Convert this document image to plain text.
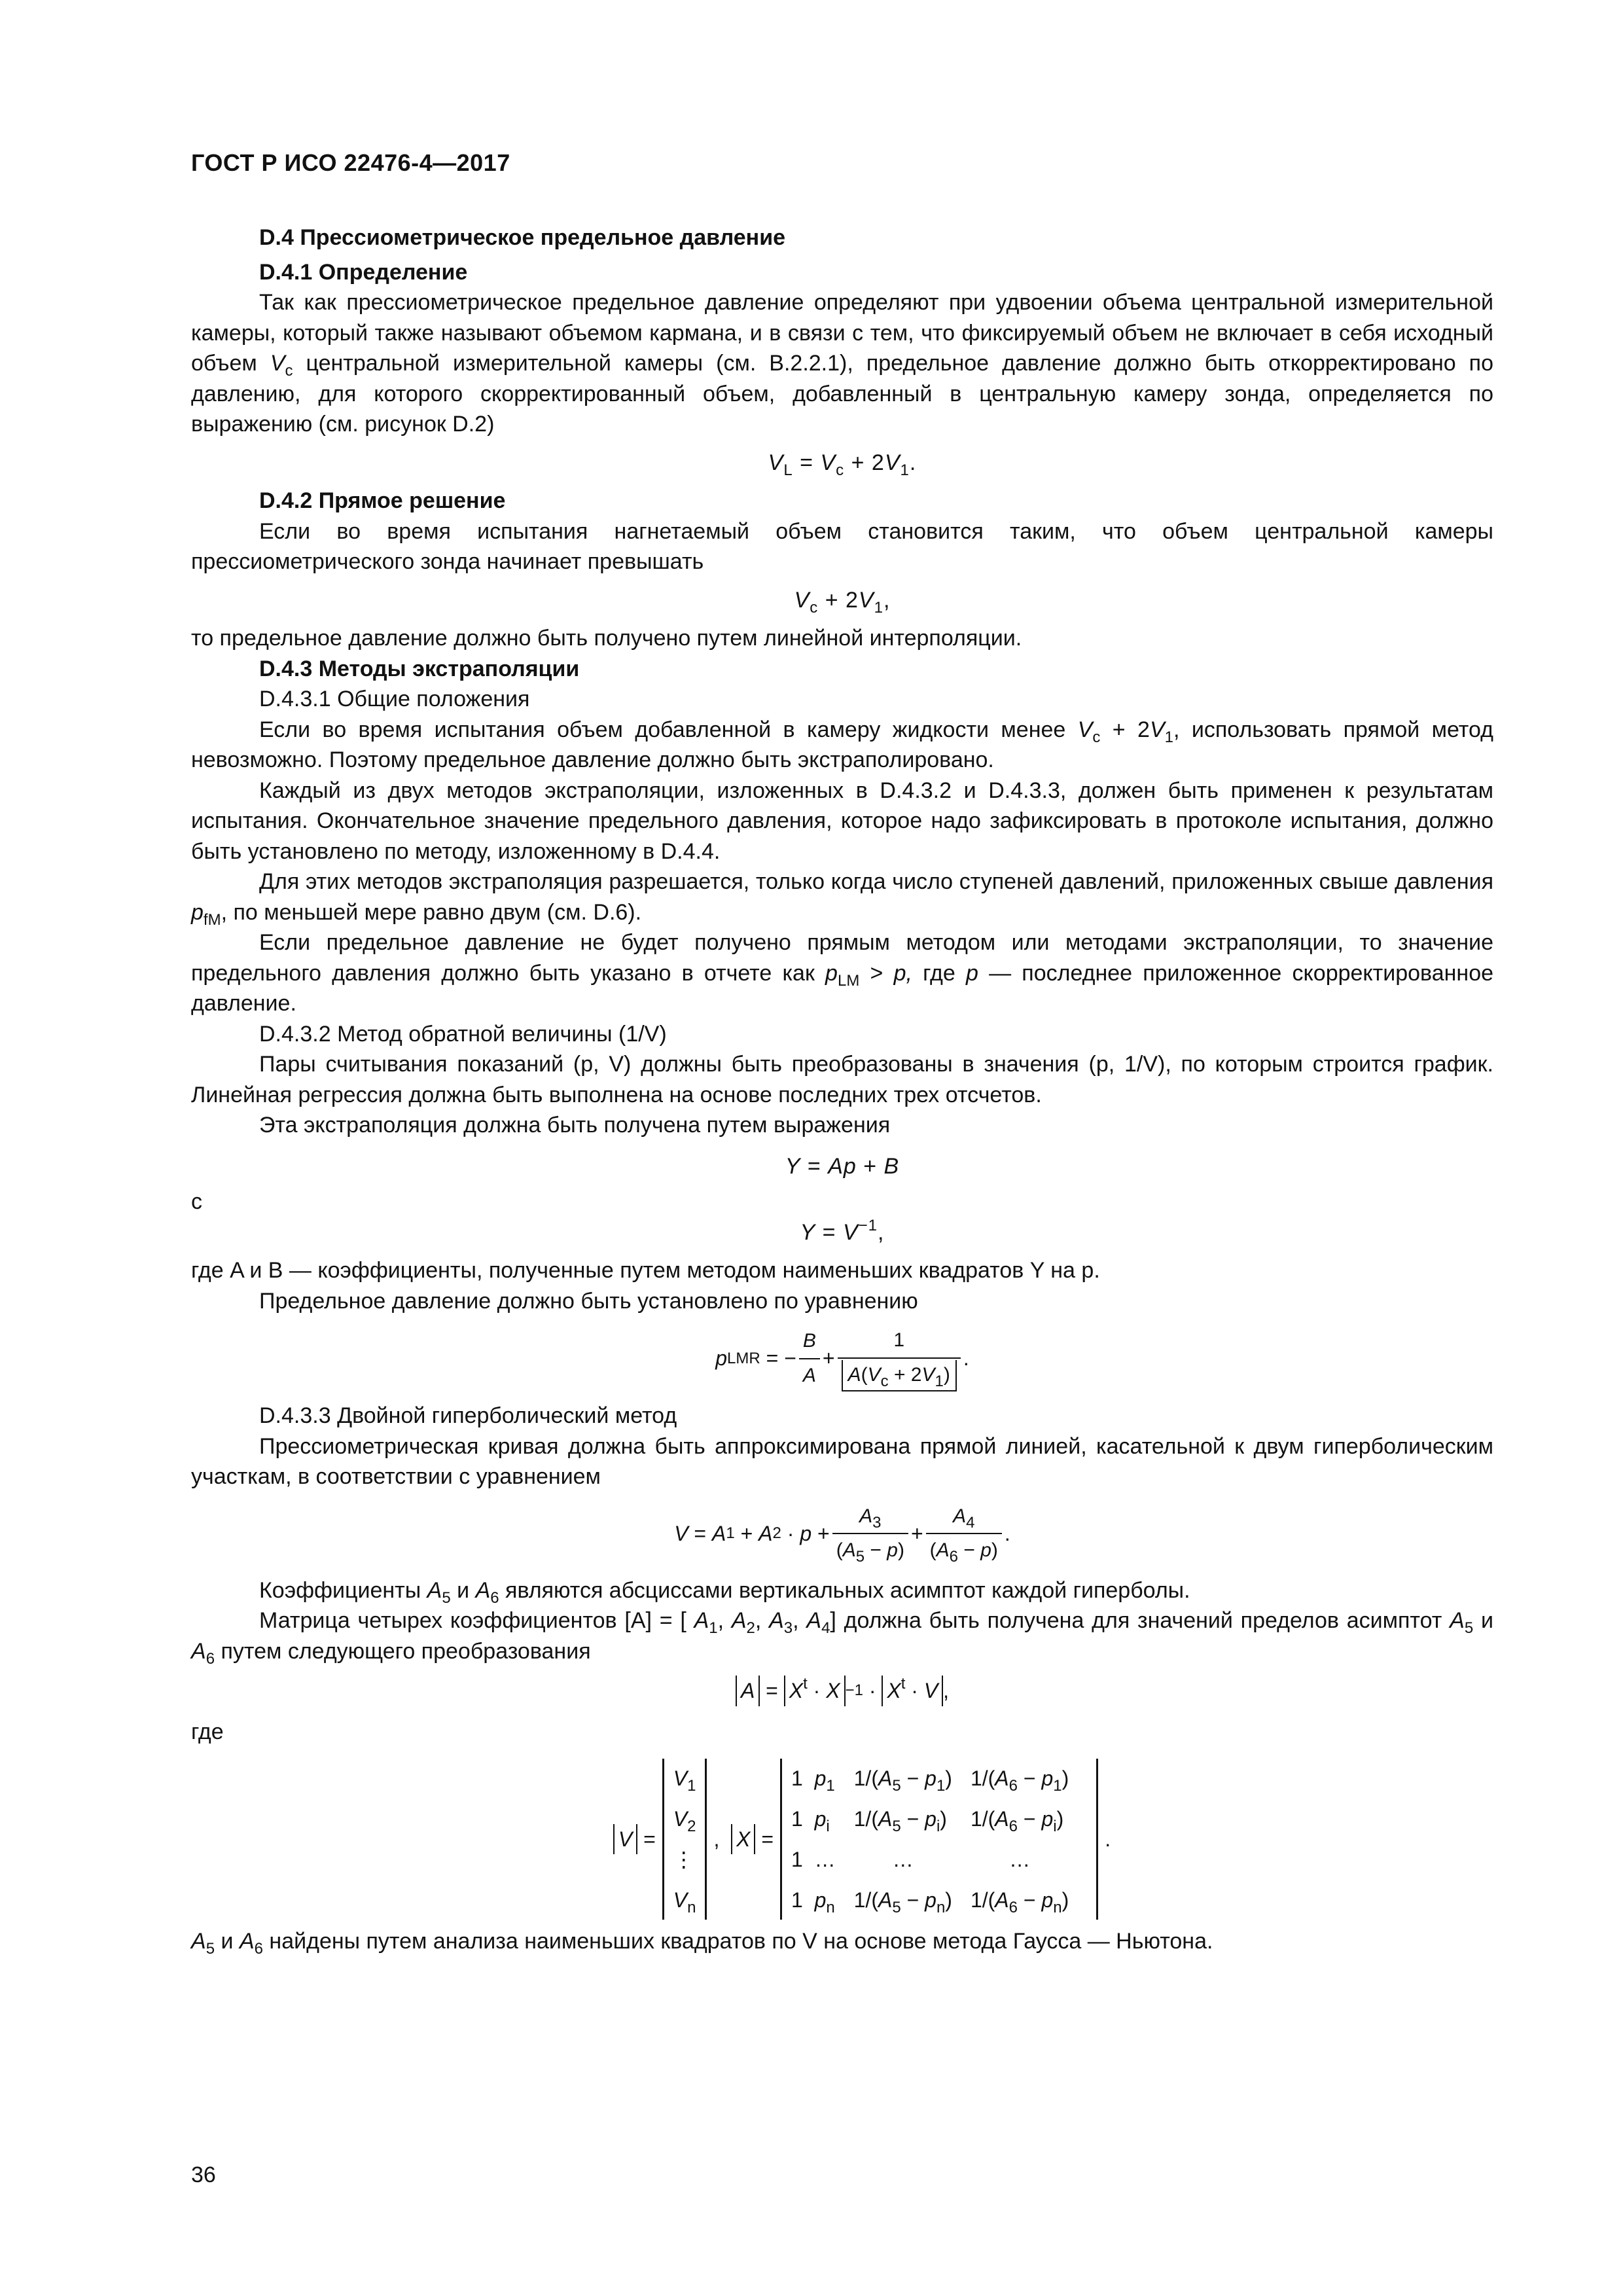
ГОСТ Р ИСО 22476-4—2017

D.4 Прессиометрическое предельное давление

D.4.1 Определение

Так как прессиометрическое предельное давление определяют при удвоении объема центральной измерительной камеры, который также называют объемом кармана, и в связи с тем, что фиксируемый объем не включает в себя исходный объем $V_c$ центральной измерительной камеры (см. B.2.2.1), предельное давление должно быть откорректировано по давлению, для которого скорректированный объем, добавленный в центральную камеру зонда, определяется по выражению (см. рисунок D.2)

$V_L = V_c + 2V_1$.

D.4.2 Прямое решение

Если во время испытания нагнетаемый объем становится таким, что объем центральной камеры прессиометрического зонда начинает превышать

$V_c + 2V_1$,

то предельное давление должно быть получено путем линейной интерполяции.

D.4.3 Методы экстраполяции

D.4.3.1 Общие положения

Если во время испытания объем добавленной в камеру жидкости менее $V_c + 2V_1$, использовать прямой метод невозможно. Поэтому предельное давление должно быть экстраполировано.

Каждый из двух методов экстраполяции, изложенных в D.4.3.2 и D.4.3.3, должен быть применен к результатам испытания. Окончательное значение предельного давления, которое надо зафиксировать в протоколе испытания, должно быть установлено по методу, изложенному в D.4.4.

Для этих методов экстраполяция разрешается, только когда число ступеней давлений, приложенных свыше давления $p_{fM}$, по меньшей мере равно двум (см. D.6).

Если предельное давление не будет получено прямым методом или методами экстраполяции, то значение предельного давления должно быть указано в отчете как $p_{LM} > p$, где p — последнее приложенное скорректированное давление.

D.4.3.2 Метод обратной величины (1/V)

Пары считывания показаний (p, V) должны быть преобразованы в значения (p, 1/V), по которым строится график. Линейная регрессия должна быть выполнена на основе последних трех отсчетов.

Эта экстраполяция должна быть получена путем выражения

Y = Ap + B

с

$Y = V^{-1}$,

где A и B — коэффициенты, полученные путем методом наименьших квадратов Y на p.

Предельное давление должно быть установлено по уравнению

p LMR = − $\frac{B}{A} + \frac{1}{A(V_c + 2V_1)}$ .

D.4.3.3 Двойной гиперболический метод

Прессиометрическая кривая должна быть аппроксимирована прямой линией, касательной к двум гиперболическим участкам, в соответствии с уравнением

V = A 1 + A $2 \cdot p + \frac{A_3}{(A_5 - p)} + \frac{A_4}{(A_6 - p)}$ .

Коэффициенты $A_5$ и $A_6$ являются абсциссами вертикальных асимптот каждой гиперболы.

Матрица четырех коэффициентов [A] = [ $A_1$, $A_2$, $A_3$, $A_4$] должна быть получена для значений пределов асимптот $A_5$ и $A_6$ путем следующего преобразования

$A = X^t \cdot X -1 \cdot X^t \cdot V$ ,

где

V =
$V_1$
$V_2$
⋮
$V_n$
, X =
1  $p_1$ $1/(A_5 - p_1) 1/(A_6 - p_1)$
1  $p_i$ $1/(A_5 - p_i) 1/(A_6 - p_i)$
1  …	…	…
1  $p_n$ $1/(A_5 - p_n) 1/(A_6 - p_n)$
.

$A_5$ и $A_6$ найдены путем анализа наименьших квадратов по V на основе метода Гаусса — Ньютона.

36
